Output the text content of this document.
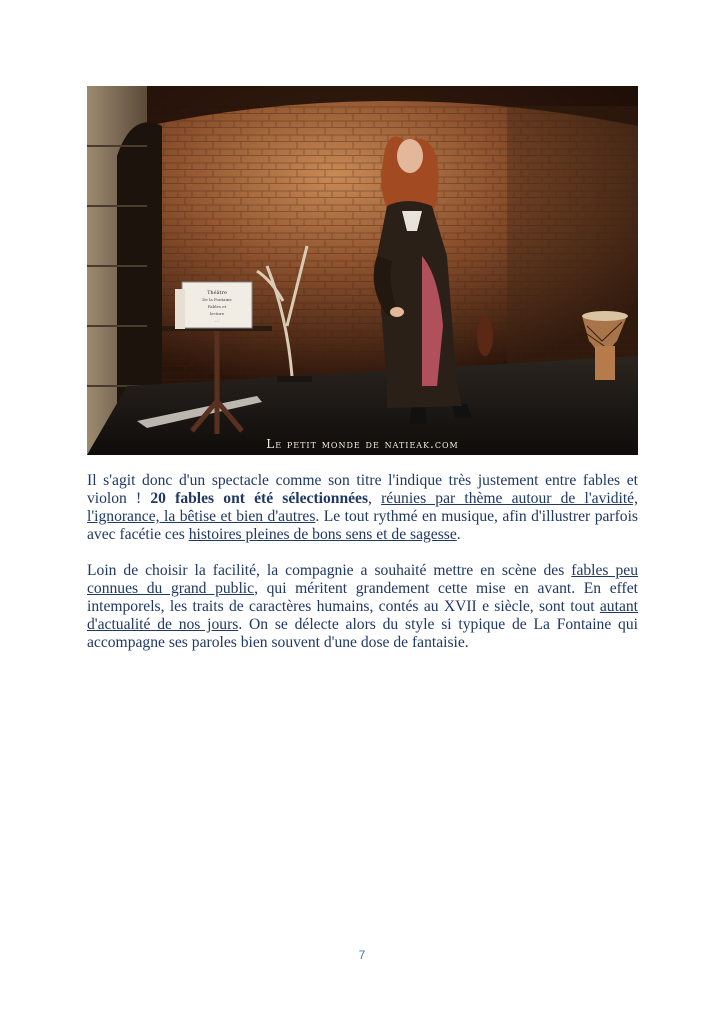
Théâtre
De la Fontaine
Fables et
lecture
...
Le petit monde de natieak.com
Il s'agit donc d'un spectacle comme son titre l'indique très justement entre fables et violon ! 20 fables ont été sélectionnées, réunies par thème autour de l'avidité, l'ignorance, la bêtise et bien d'autres. Le tout rythmé en musique, afin d'illustrer parfois avec facétie ces histoires pleines de bons sens et de sagesse.
Loin de choisir la facilité, la compagnie a souhaité mettre en scène des fables peu connues du grand public, qui méritent grandement cette mise en avant. En effet intemporels, les traits de caractères humains, contés au XVII e siècle, sont tout autant d'actualité de nos jours. On se délecte alors du style si typique de La Fontaine qui accompagne ses paroles bien souvent d'une dose de fantaisie.
7
